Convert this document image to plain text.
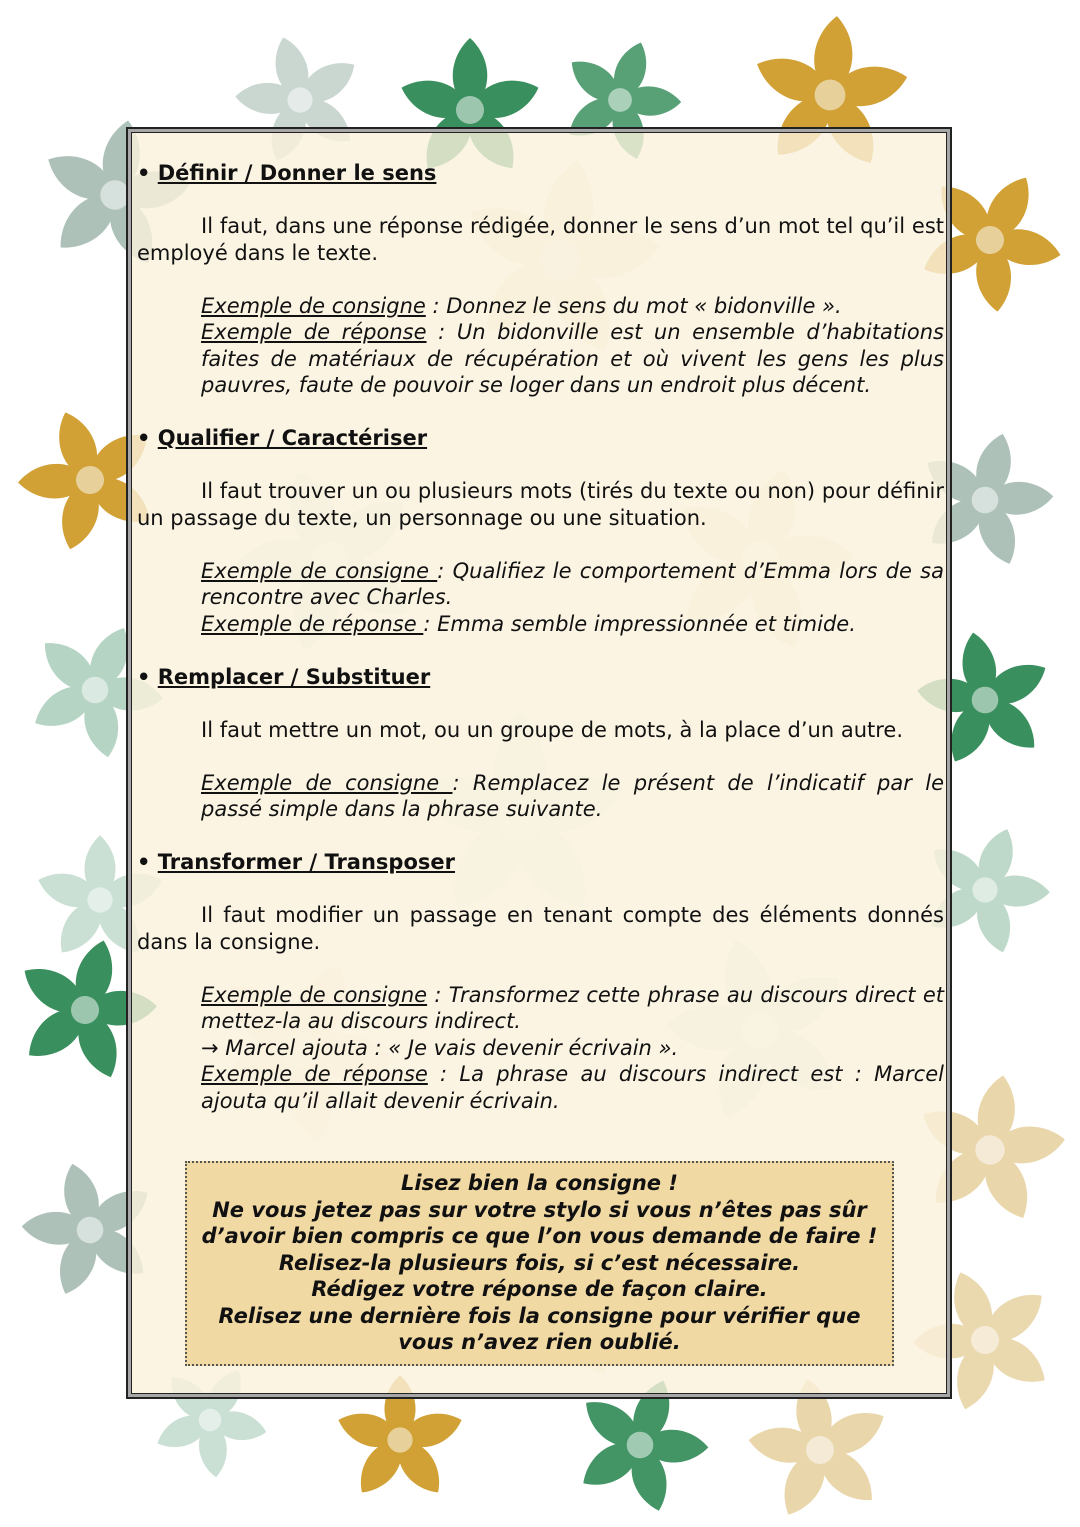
• Définir / Donner le sens

Il faut, dans une réponse rédigée, donner le sens d’un mot tel qu’il est employé dans le texte.

Exemple de consigne : Donnez le sens du mot « bidonville ».

Exemple de réponse : Un bidonville est un ensemble d’habitations faites de matériaux de récupération et où vivent les gens les plus pauvres, faute de pouvoir se loger dans un endroit plus décent.

• Qualifier / Caractériser

Il faut trouver un ou plusieurs mots (tirés du texte ou non) pour définir un passage du texte, un personnage ou une situation.

Exemple de consigne : Qualifiez le comportement d’Emma lors de sa rencontre avec Charles.

Exemple de réponse : Emma semble impressionnée et timide.

• Remplacer / Substituer

Il faut mettre un mot, ou un groupe de mots, à la place d’un autre.

Exemple de consigne : Remplacez le présent de l’indicatif par le passé simple dans la phrase suivante.

• Transformer / Transposer

Il faut modifier un passage en tenant compte des éléments donnés dans la consigne.

Exemple de consigne : Transformez cette phrase au discours direct et mettez-la au discours indirect.

→ Marcel ajouta : « Je vais devenir écrivain ».

Exemple de réponse : La phrase au discours indirect est : Marcel ajouta qu’il allait devenir écrivain.

Lisez bien la consigne !
Ne vous jetez pas sur votre stylo si vous n’êtes pas sûr
d’avoir bien compris ce que l’on vous demande de faire !
Relisez-la plusieurs fois, si c’est nécessaire.
Rédigez votre réponse de façon claire.
Relisez une dernière fois la consigne pour vérifier que
vous n’avez rien oublié.
